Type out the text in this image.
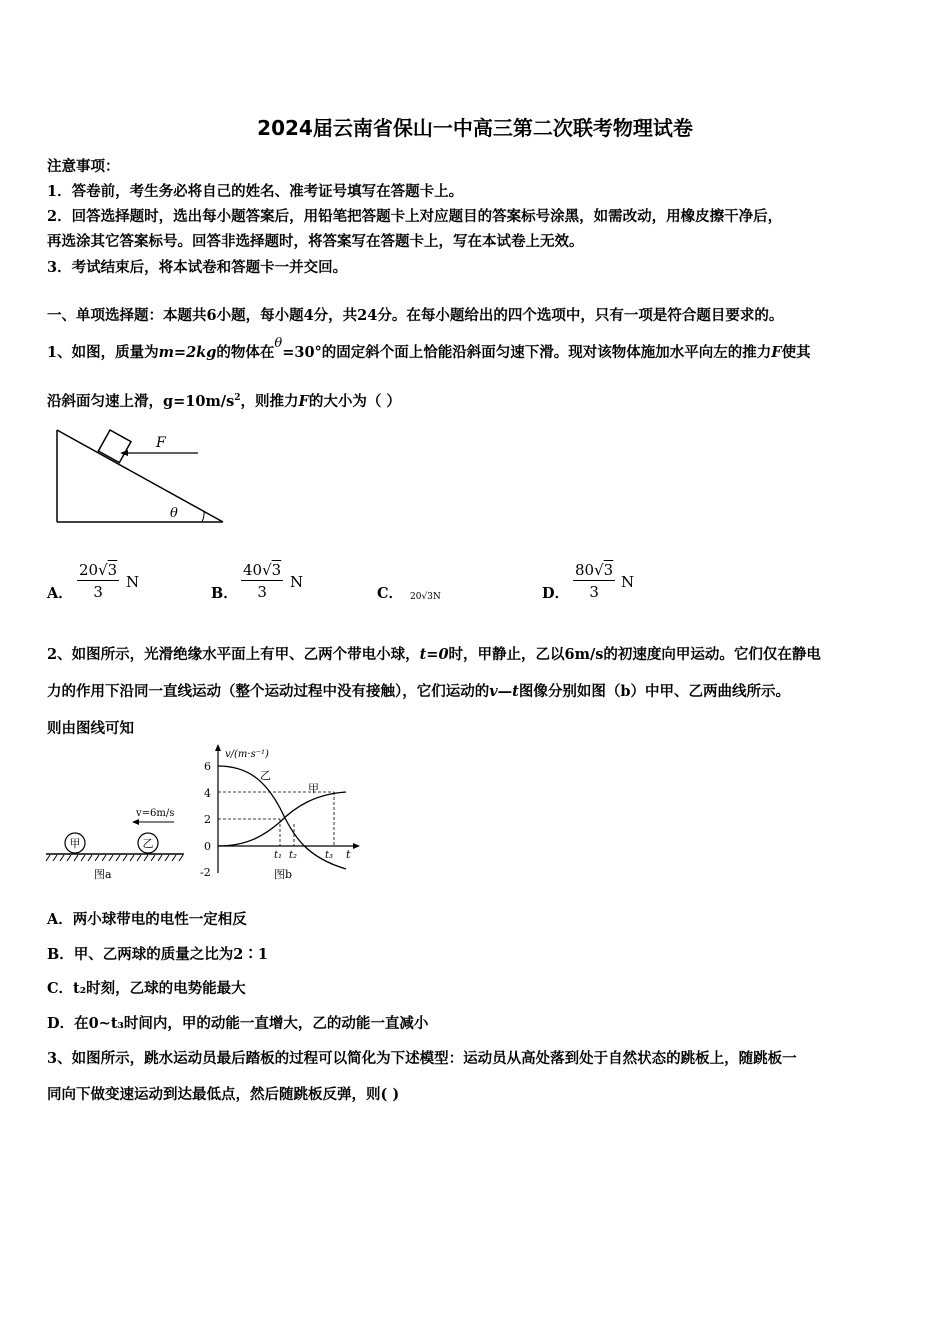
2024届云南省保山一中高三第二次联考物理试卷
注意事项：
1．答卷前，考生务必将自己的姓名、准考证号填写在答题卡上。
2．回答选择题时，选出每小题答案后，用铅笔把答题卡上对应题目的答案标号涂黑，如需改动，用橡皮擦干净后，
再选涂其它答案标号。回答非选择题时，将答案写在答题卡上，写在本试卷上无效。
3．考试结束后，将本试卷和答题卡一并交回。
一、单项选择题：本题共6小题，每小题4分，共24分。在每小题给出的四个选项中，只有一项是符合题目要求的。
1、如图，质量为m=2kg的物体在θ=30°的固定斜个面上恰能沿斜面匀速下滑。现对该物体施加水平向左的推力F使其
沿斜面匀速上滑，$g=10m/s^2$，则推力F的大小为（ ）
F
θ
A． $\frac{20√3}{3}$ N
B． $\frac{40√3}{3}$ N
C． 20√3N	D． $\frac{80√3}{3}$ N
2、如图所示，光滑绝缘水平面上有甲、乙两个带电小球，t=0时，甲静止，乙以6m/s的初速度向甲运动。它们仅在静电
力的作用下沿同一直线运动（整个运动过程中没有接触），它们运动的v—t图像分别如图（b）中甲、乙两曲线所示。
则由图线可知
甲	乙
v=6m/s
图a
v/(m·s⁻¹)
6
4
2
0
-2
乙
甲
t₁ t₂	t₃ t
图b
A．两小球带电的电性一定相反
B．甲、乙两球的质量之比为2∶1
C．t₂时刻，乙球的电势能最大
D．在0~t₃时间内，甲的动能一直增大，乙的动能一直减小
3、如图所示，跳水运动员最后踏板的过程可以简化为下述模型：运动员从高处落到处于自然状态的跳板上，随跳板一
同向下做变速运动到达最低点，然后随跳板反弹，则( )
